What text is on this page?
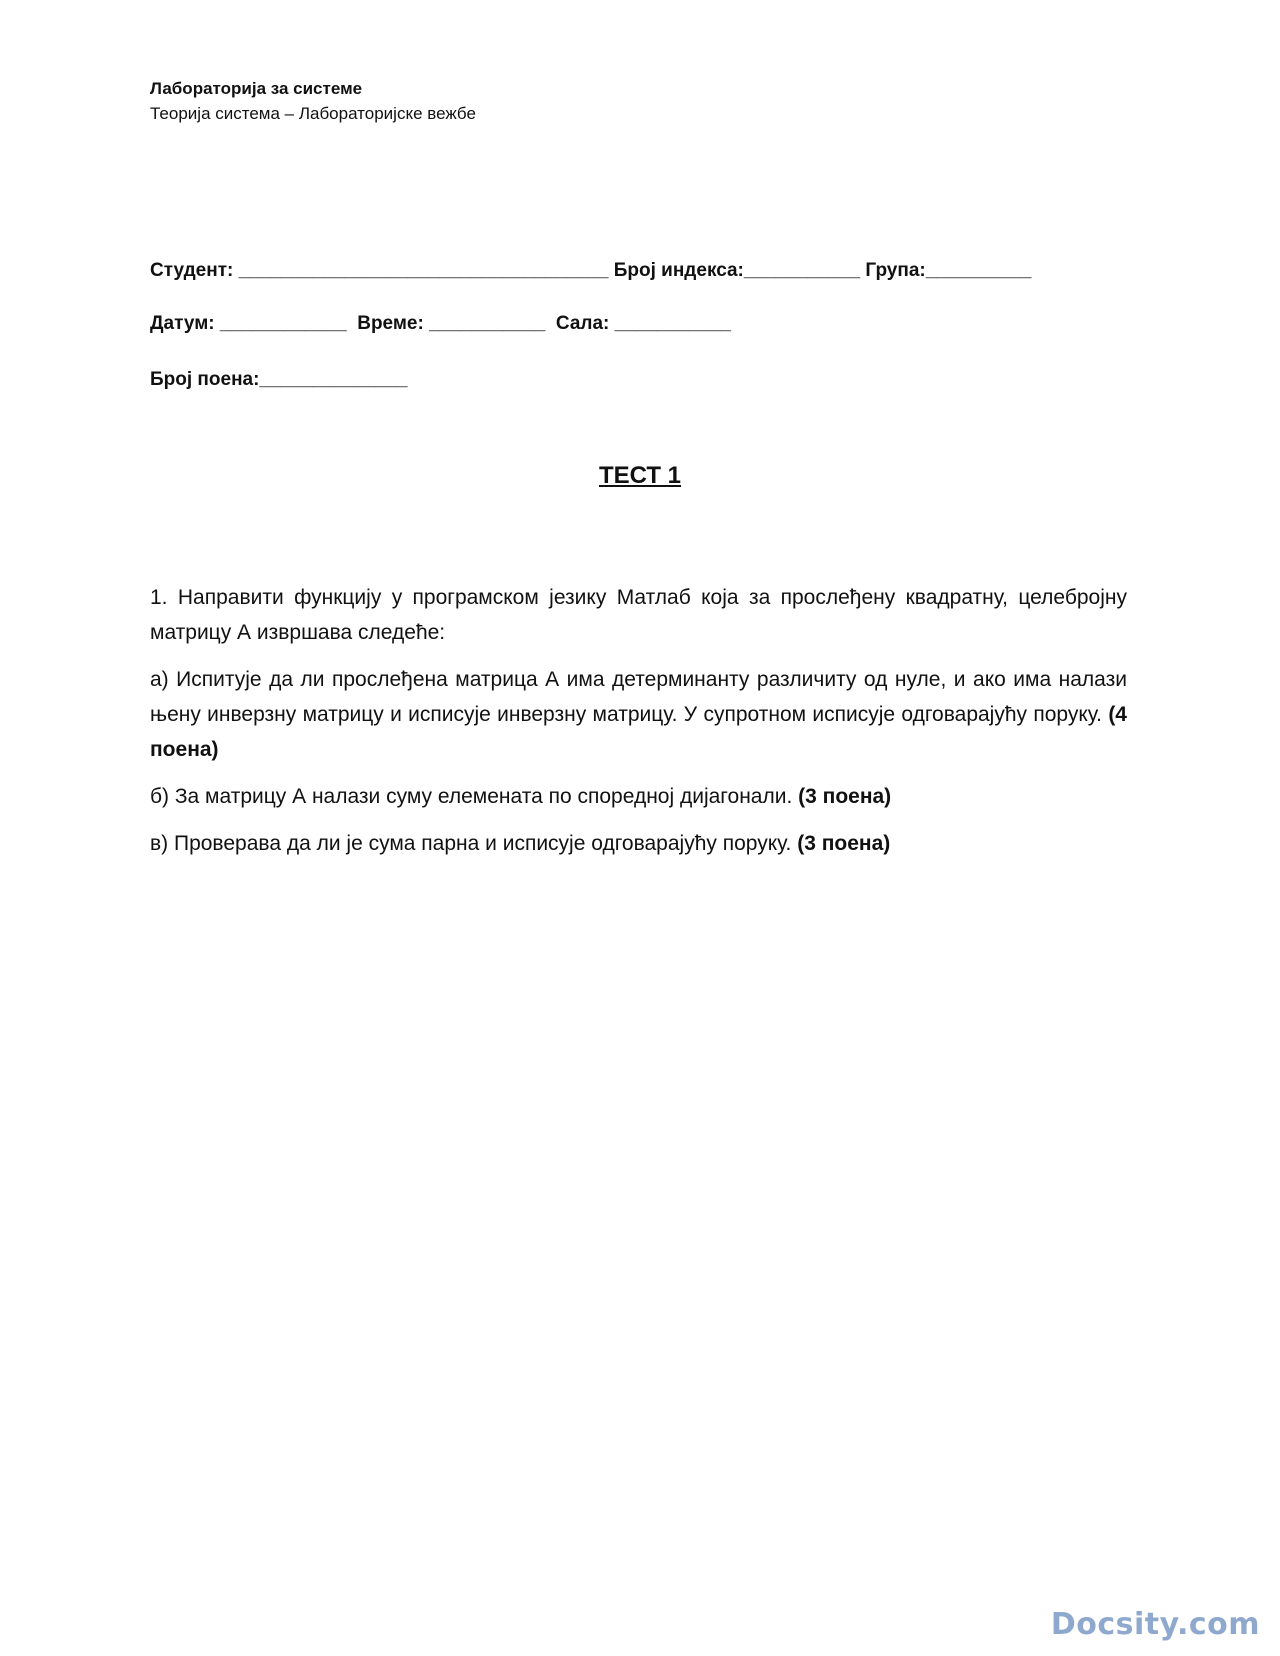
Лабораторија за системе
Теорија система – Лабораторијске вежбе
Студент: ___________________________________ Број индекса:___________ Група:__________
Датум: ____________  Време: ___________  Сала: ___________
Број поена:______________
ТЕСТ 1

1. Направити функцију у програмском језику Матлаб која за прослеђену квадратну, целебројну матрицу А извршава следеће:

а) Испитује да ли прослеђена матрица А има детерминанту различиту од нуле, и ако има налази њену инверзну матрицу и исписује инверзну матрицу. У супротном исписује одговарајућу поруку. (4 поена)

б) За матрицу А налази суму елемената по споредној дијагонали. (3 поена)

в) Проверава да ли је сума парна и исписује одговарајућу поруку. (3 поена)

Docsity.com
